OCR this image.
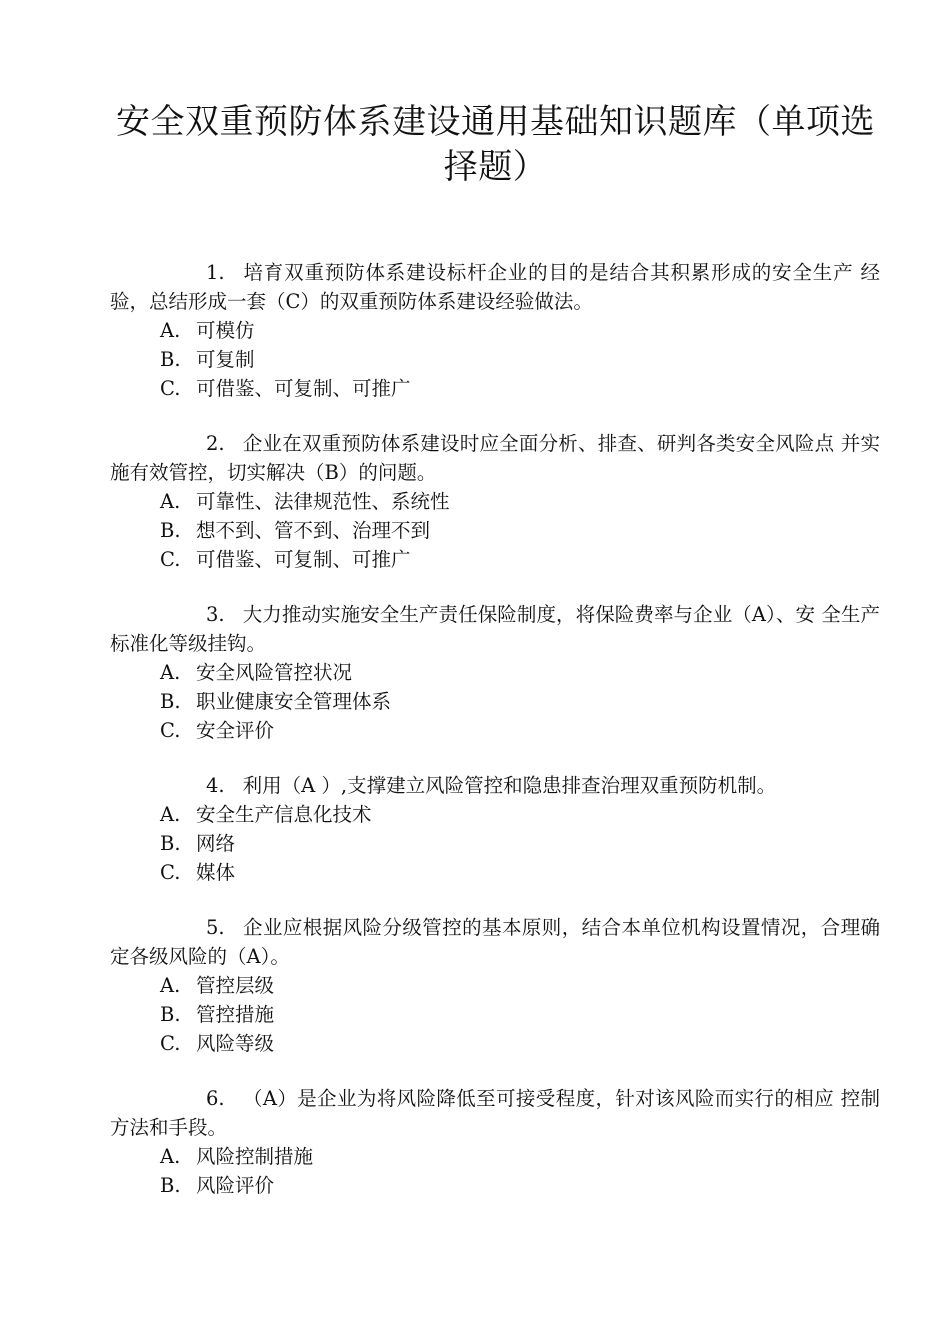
安全双重预防体系建设通用基础知识题库（单项选择题）

1. 培育双重预防体系建设标杆企业的目的是结合其积累形成的安全生产 经验，总结形成一套（C）的双重预防体系建设经验做法。

A. 可模仿
B. 可复制
C. 可借鉴、可复制、可推广

2. 企业在双重预防体系建设时应全面分析、排查、研判各类安全风险点 并实施有效管控，切实解决（B）的问题。

A. 可靠性、法律规范性、系统性
B. 想不到、管不到、治理不到
C. 可借鉴、可复制、可推广

3. 大力推动实施安全生产责任保险制度，将保险费率与企业（A）、安 全生产标准化等级挂钩。

A. 安全风险管控状况
B. 职业健康安全管理体系
C. 安全评价

4. 利用（A ）,支撑建立风险管控和隐患排查治理双重预防机制。

A. 安全生产信息化技术
B. 网络
C. 媒体

5. 企业应根据风险分级管控的基本原则，结合本单位机构设置情况，合理确定各级风险的（A）。

A. 管控层级
B. 管控措施
C. 风险等级

6. （A）是企业为将风险降低至可接受程度，针对该风险而实行的相应 控制方法和手段。

A. 风险控制措施
B. 风险评价
